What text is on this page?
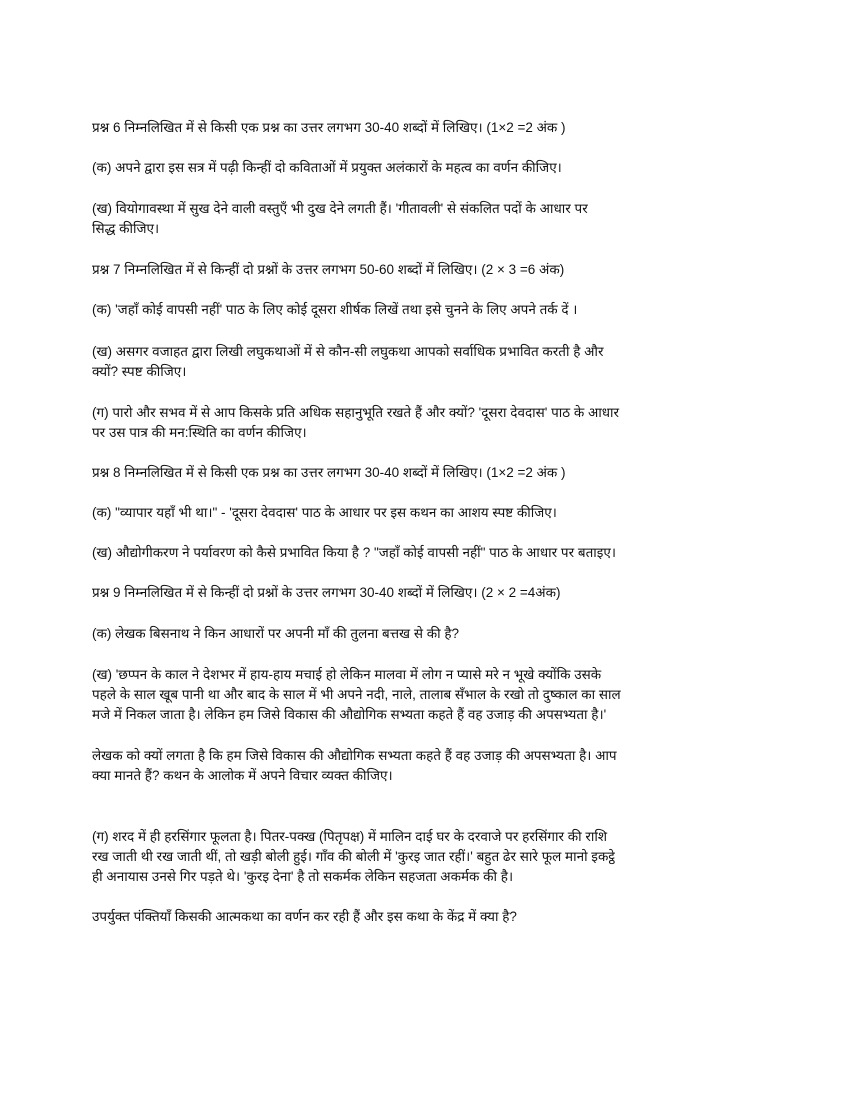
प्रश्न 6 निम्नलिखित में से किसी एक प्रश्न का उत्तर लगभग 30-40 शब्दों में लिखिए। (1×2 =2 अंक )
(क) अपने द्वारा इस सत्र में पढ़ी किन्हीं दो कविताओं में प्रयुक्त अलंकारों के महत्व का वर्णन कीजिए।
(ख) वियोगावस्था में सुख देने वाली वस्तुएँ भी दुख देने लगती हैं। 'गीतावली' से संकलित पदों के आधार पर
सिद्ध कीजिए।
प्रश्न 7 निम्नलिखित में से किन्हीं दो प्रश्नों के उत्तर लगभग 50-60 शब्दों में लिखिए। (2 × 3 =6 अंक)
(क) 'जहाँ कोई वापसी नहीं' पाठ के लिए कोई दूसरा शीर्षक लिखें तथा इसे चुनने के लिए अपने तर्क दें ।
(ख) असगर वजाहत द्वारा लिखी लघुकथाओं में से कौन-सी लघुकथा आपको सर्वाधिक प्रभावित करती है और
क्यों? स्पष्ट कीजिए।
(ग) पारो और सभव में से आप किसके प्रति अधिक सहानुभूति रखते हैं और क्यों? 'दूसरा देवदास' पाठ के आधार
पर उस पात्र की मन:स्थिति का वर्णन कीजिए।
प्रश्न 8 निम्नलिखित में से किसी एक प्रश्न का उत्तर लगभग 30-40 शब्दों में लिखिए। (1×2 =2 अंक )
(क) "व्यापार यहाँ भी था।" - 'दूसरा देवदास' पाठ के आधार पर इस कथन का आशय स्पष्ट कीजिए।
(ख) औद्योगीकरण ने पर्यावरण को कैसे प्रभावित किया है ? "जहाँ कोई वापसी नहीं" पाठ के आधार पर बताइए।
प्रश्न 9 निम्नलिखित में से किन्हीं दो प्रश्नों के उत्तर लगभग 30-40 शब्दों में लिखिए। (2 × 2 =4अंक)
(क) लेखक बिसनाथ ने किन आधारों पर अपनी माँ की तुलना बत्तख से की है?
(ख) 'छप्पन के काल ने देशभर में हाय-हाय मचाई हो लेकिन मालवा में लोग न प्यासे मरे न भूखे क्योंकि उसके
पहले के साल खूब पानी था और बाद के साल में भी अपने नदी, नाले, तालाब सँभाल के रखो तो दुष्काल का साल
मजे में निकल जाता है। लेकिन हम जिसे विकास की औद्योगिक सभ्यता कहते हैं वह उजाड़ की अपसभ्यता है।'
लेखक को क्यों लगता है कि हम जिसे विकास की औद्योगिक सभ्यता कहते हैं वह उजाड़ की अपसभ्यता है। आप
क्या मानते हैं? कथन के आलोक में अपने विचार व्यक्त कीजिए।
(ग) शरद में ही हरसिंगार फूलता है। पितर-पक्ख (पितृपक्ष) में मालिन दाई घर के दरवाजे पर हरसिंगार की राशि
रख जाती थी रख जाती थीं, तो खड़ी बोली हुई। गाँव की बोली में 'कुरइ जात रहीं।' बहुत ढेर सारे फूल मानो इकट्ठे
ही अनायास उनसे गिर पड़ते थे। 'कुरइ देना' है तो सकर्मक लेकिन सहजता अकर्मक की है।
उपर्युक्त पंक्तियाँ किसकी आत्मकथा का वर्णन कर रही हैं और इस कथा के केंद्र में क्या है?
